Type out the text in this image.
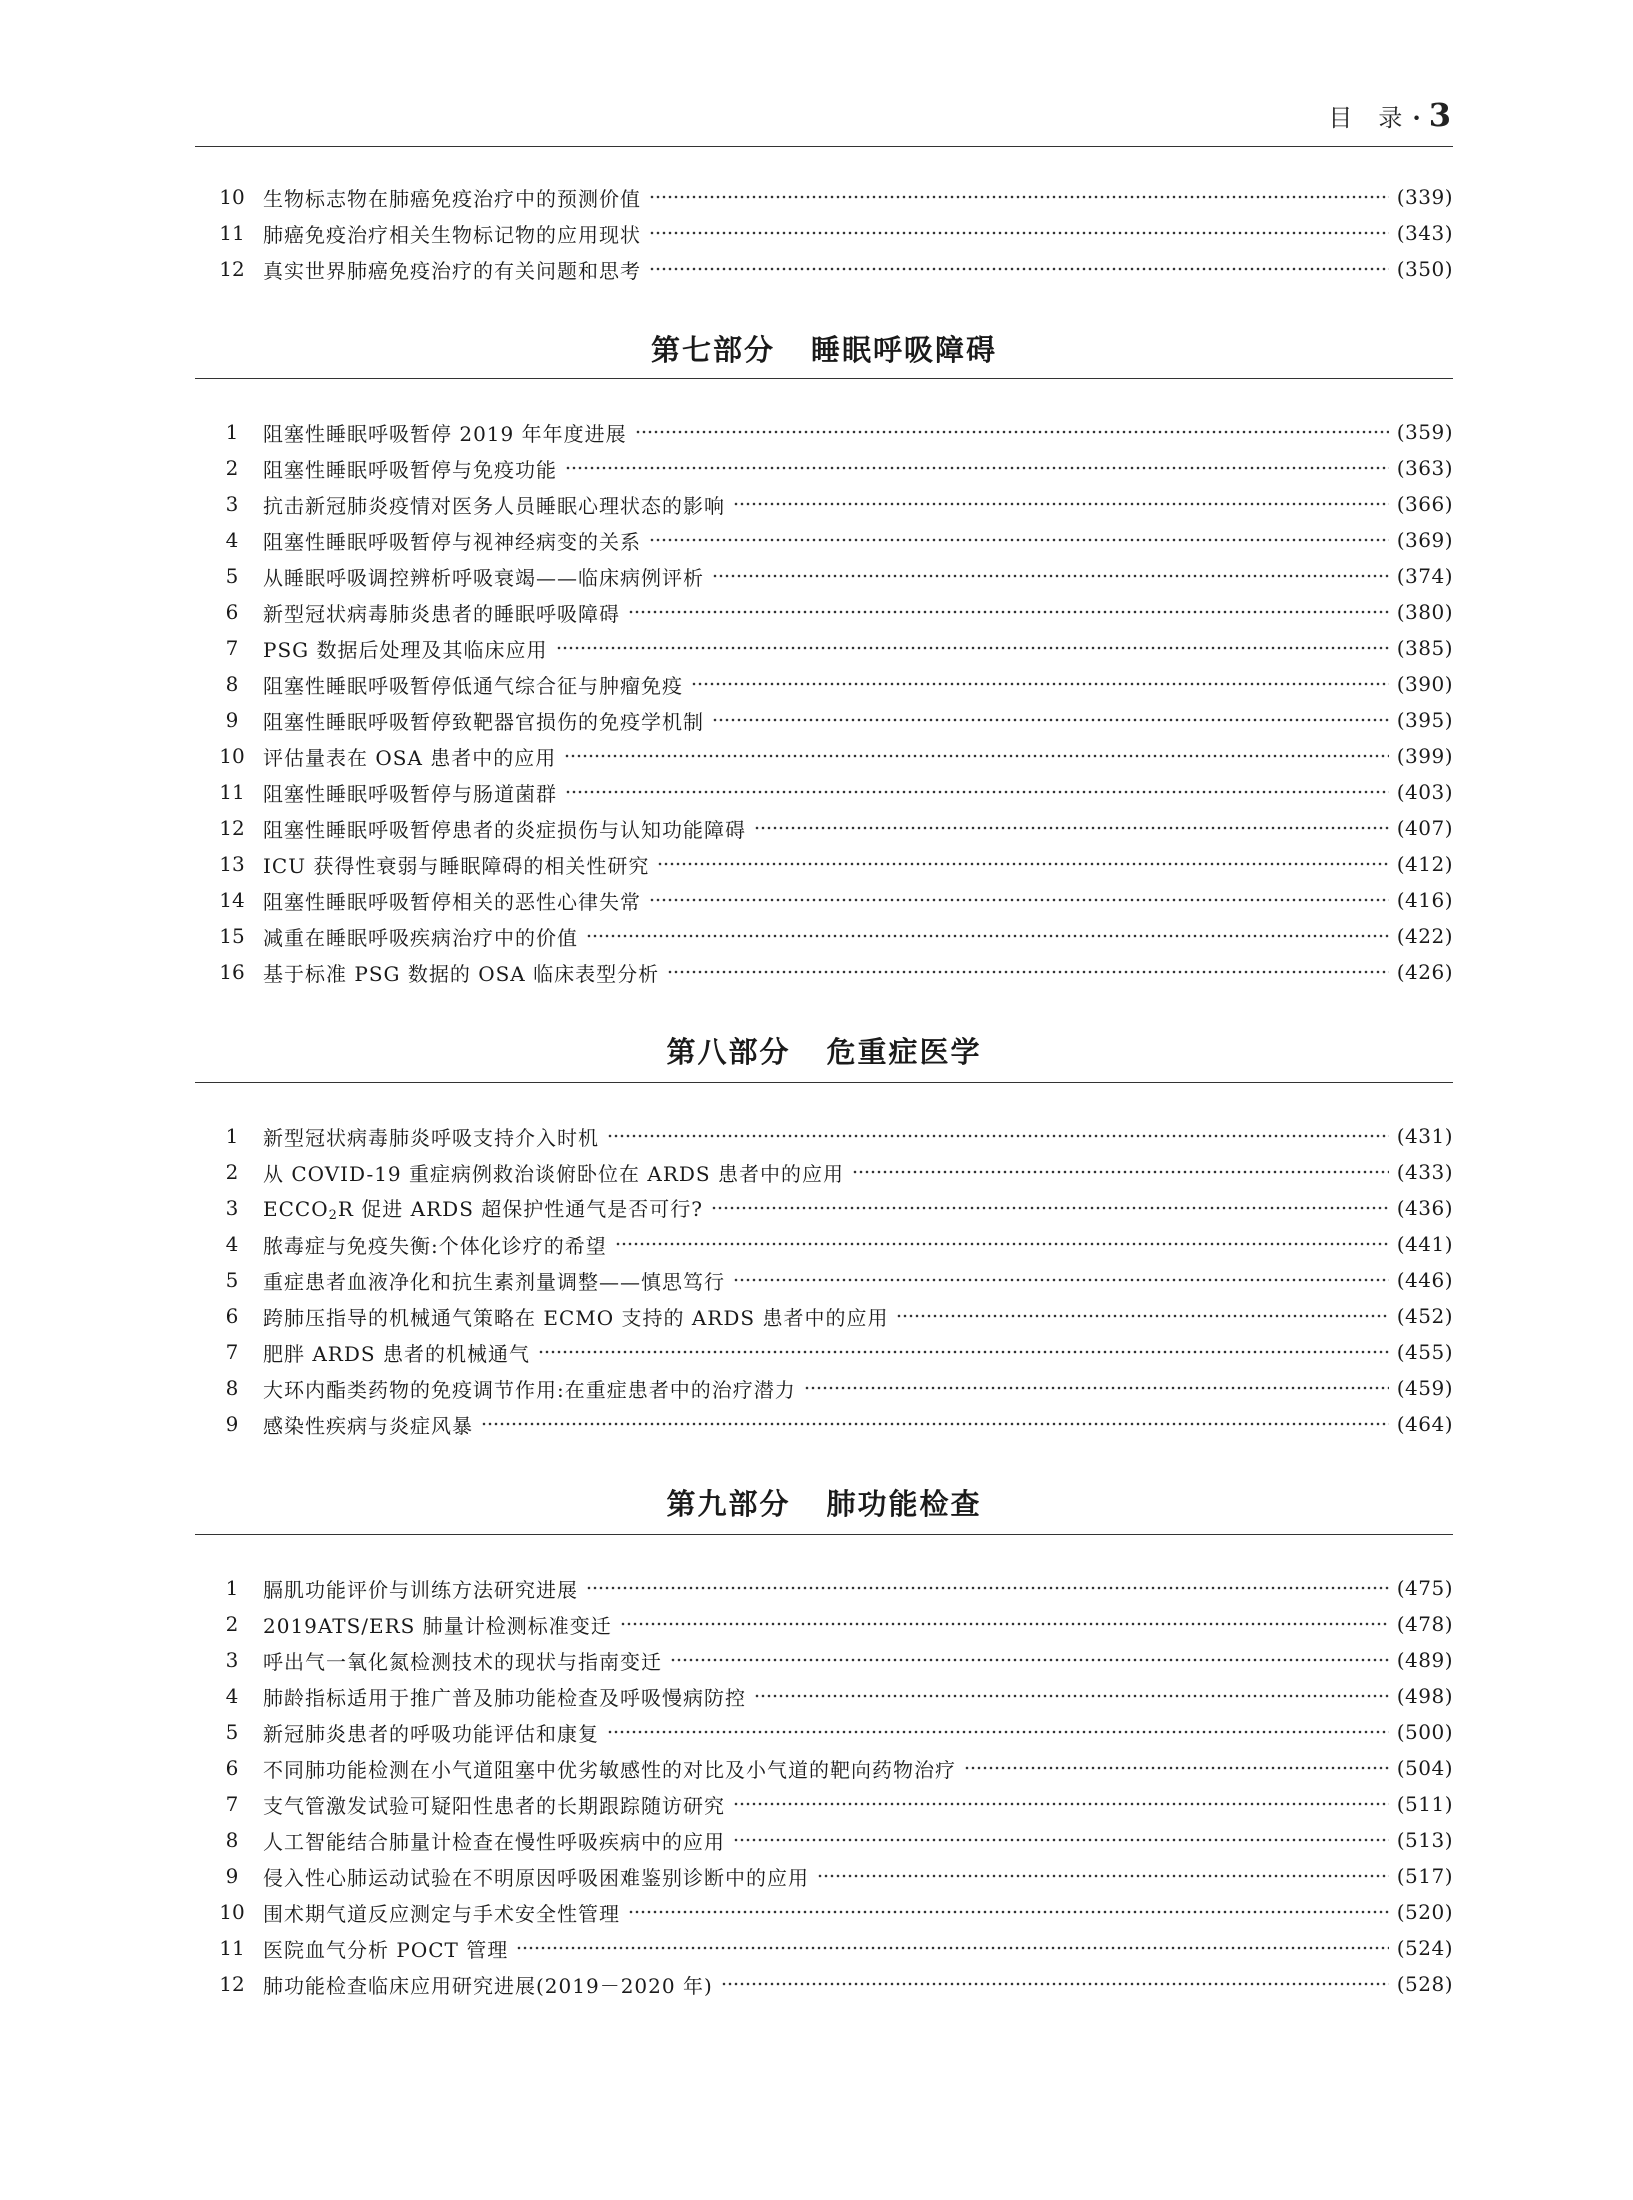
目 录 · 3
10 生物标志物在肺癌免疫治疗中的预测价值	(339)
11 肺癌免疫治疗相关生物标记物的应用现状	(343)
12 真实世界肺癌免疫治疗的有关问题和思考	(350)
第七部分 睡眠呼吸障碍
1	阻塞性睡眠呼吸暂停 2019 年年度进展	(359)
2	阻塞性睡眠呼吸暂停与免疫功能	(363)
3	抗击新冠肺炎疫情对医务人员睡眠心理状态的影响	(366)
4	阻塞性睡眠呼吸暂停与视神经病变的关系	(369)
5	从睡眠呼吸调控辨析呼吸衰竭——临床病例评析	(374)
6	新型冠状病毒肺炎患者的睡眠呼吸障碍	(380)
7	PSG 数据后处理及其临床应用	(385)
8	阻塞性睡眠呼吸暂停低通气综合征与肿瘤免疫	(390)
9	阻塞性睡眠呼吸暂停致靶器官损伤的免疫学机制	(395)
10 评估量表在 OSA 患者中的应用	(399)
11 阻塞性睡眠呼吸暂停与肠道菌群	(403)
12 阻塞性睡眠呼吸暂停患者的炎症损伤与认知功能障碍	(407)
13 ICU 获得性衰弱与睡眠障碍的相关性研究	(412)
14 阻塞性睡眠呼吸暂停相关的恶性心律失常	(416)
15 减重在睡眠呼吸疾病治疗中的价值	(422)
16 基于标准 PSG 数据的 OSA 临床表型分析	(426)
第八部分 危重症医学
1	新型冠状病毒肺炎呼吸支持介入时机	(431)
2	从 COVID-19 重症病例救治谈俯卧位在 ARDS 患者中的应用	(433)
3	$ECCO_2R$ 促进 ARDS 超保护性通气是否可行?	(436)
4	脓毒症与免疫失衡:个体化诊疗的希望	(441)
5	重症患者血液净化和抗生素剂量调整——慎思笃行	(446)
6	跨肺压指导的机械通气策略在 ECMO 支持的 ARDS 患者中的应用	(452)
7	肥胖 ARDS 患者的机械通气	(455)
8	大环内酯类药物的免疫调节作用:在重症患者中的治疗潜力	(459)
9	感染性疾病与炎症风暴	(464)
第九部分 肺功能检查
1	膈肌功能评价与训练方法研究进展	(475)
2	2019ATS/ERS 肺量计检测标准变迁	(478)
3	呼出气一氧化氮检测技术的现状与指南变迁	(489)
4	肺龄指标适用于推广普及肺功能检查及呼吸慢病防控	(498)
5	新冠肺炎患者的呼吸功能评估和康复	(500)
6	不同肺功能检测在小气道阻塞中优劣敏感性的对比及小气道的靶向药物治疗	(504)
7	支气管激发试验可疑阳性患者的长期跟踪随访研究	(511)
8	人工智能结合肺量计检查在慢性呼吸疾病中的应用	(513)
9	侵入性心肺运动试验在不明原因呼吸困难鉴别诊断中的应用	(517)
10 围术期气道反应测定与手术安全性管理	(520)
11 医院血气分析 POCT 管理	(524)
12 肺功能检查临床应用研究进展(2019－2020 年)	(528)
